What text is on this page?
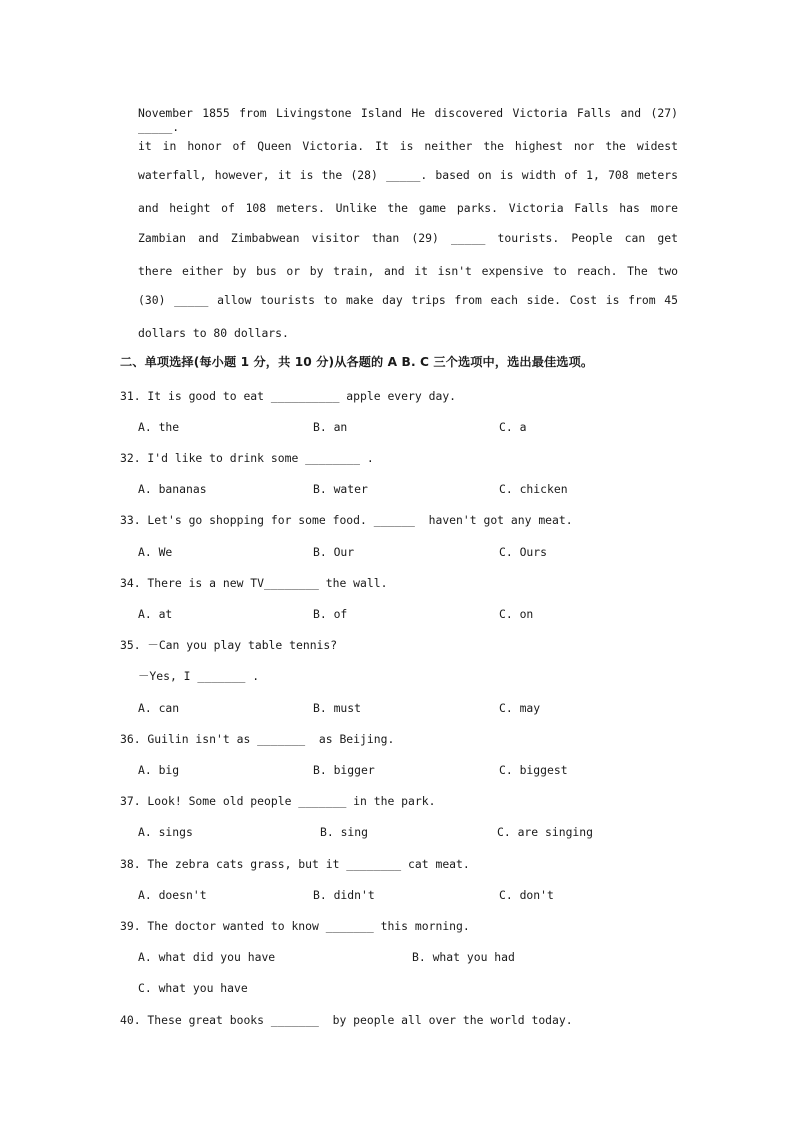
November 1855 from Livingstone Island He discovered Victoria Falls and (27) _____.
it in honor of Queen Victoria. It is neither the highest nor the widest
waterfall, however, it is the (28) _____. based on is width of 1, 708 meters
and height of 108 meters. Unlike the game parks. Victoria Falls has more
Zambian and Zimbabwean visitor than (29) _____ tourists. People can get
there either by bus or by train, and it isn't expensive to reach. The two
(30) _____ allow tourists to make day trips from each side. Cost is from 45
dollars to 80 dollars.
二、单项选择(每小题 1 分，共 10 分)从各题的 A B. C 三个选项中，选出最佳选项。
31. It is good to eat __________ apple every day.
A. the	B. an	C. a
32. I'd like to drink some ________ .
A. bananas	B. water	C. chicken
33. Let's go shopping for some food. ______  haven't got any meat.
A. We	B. Our	C. Ours
34. There is a new TV________ the wall.
A. at	B. of	C. on
35. －Can you play table tennis?
－Yes, I _______ .
A. can	B. must	C. may
36. Guilin isn't as _______  as Beijing.
A. big	B. bigger	C. biggest
37. Look! Some old people _______ in the park.
A. sings	B. sing	C. are singing
38. The zebra cats grass, but it ________ cat meat.
A. doesn't	B. didn't	C. don't
39. The doctor wanted to know _______ this morning.
A. what did you have	B. what you had
C. what you have
40. These great books _______  by people all over the world today.
